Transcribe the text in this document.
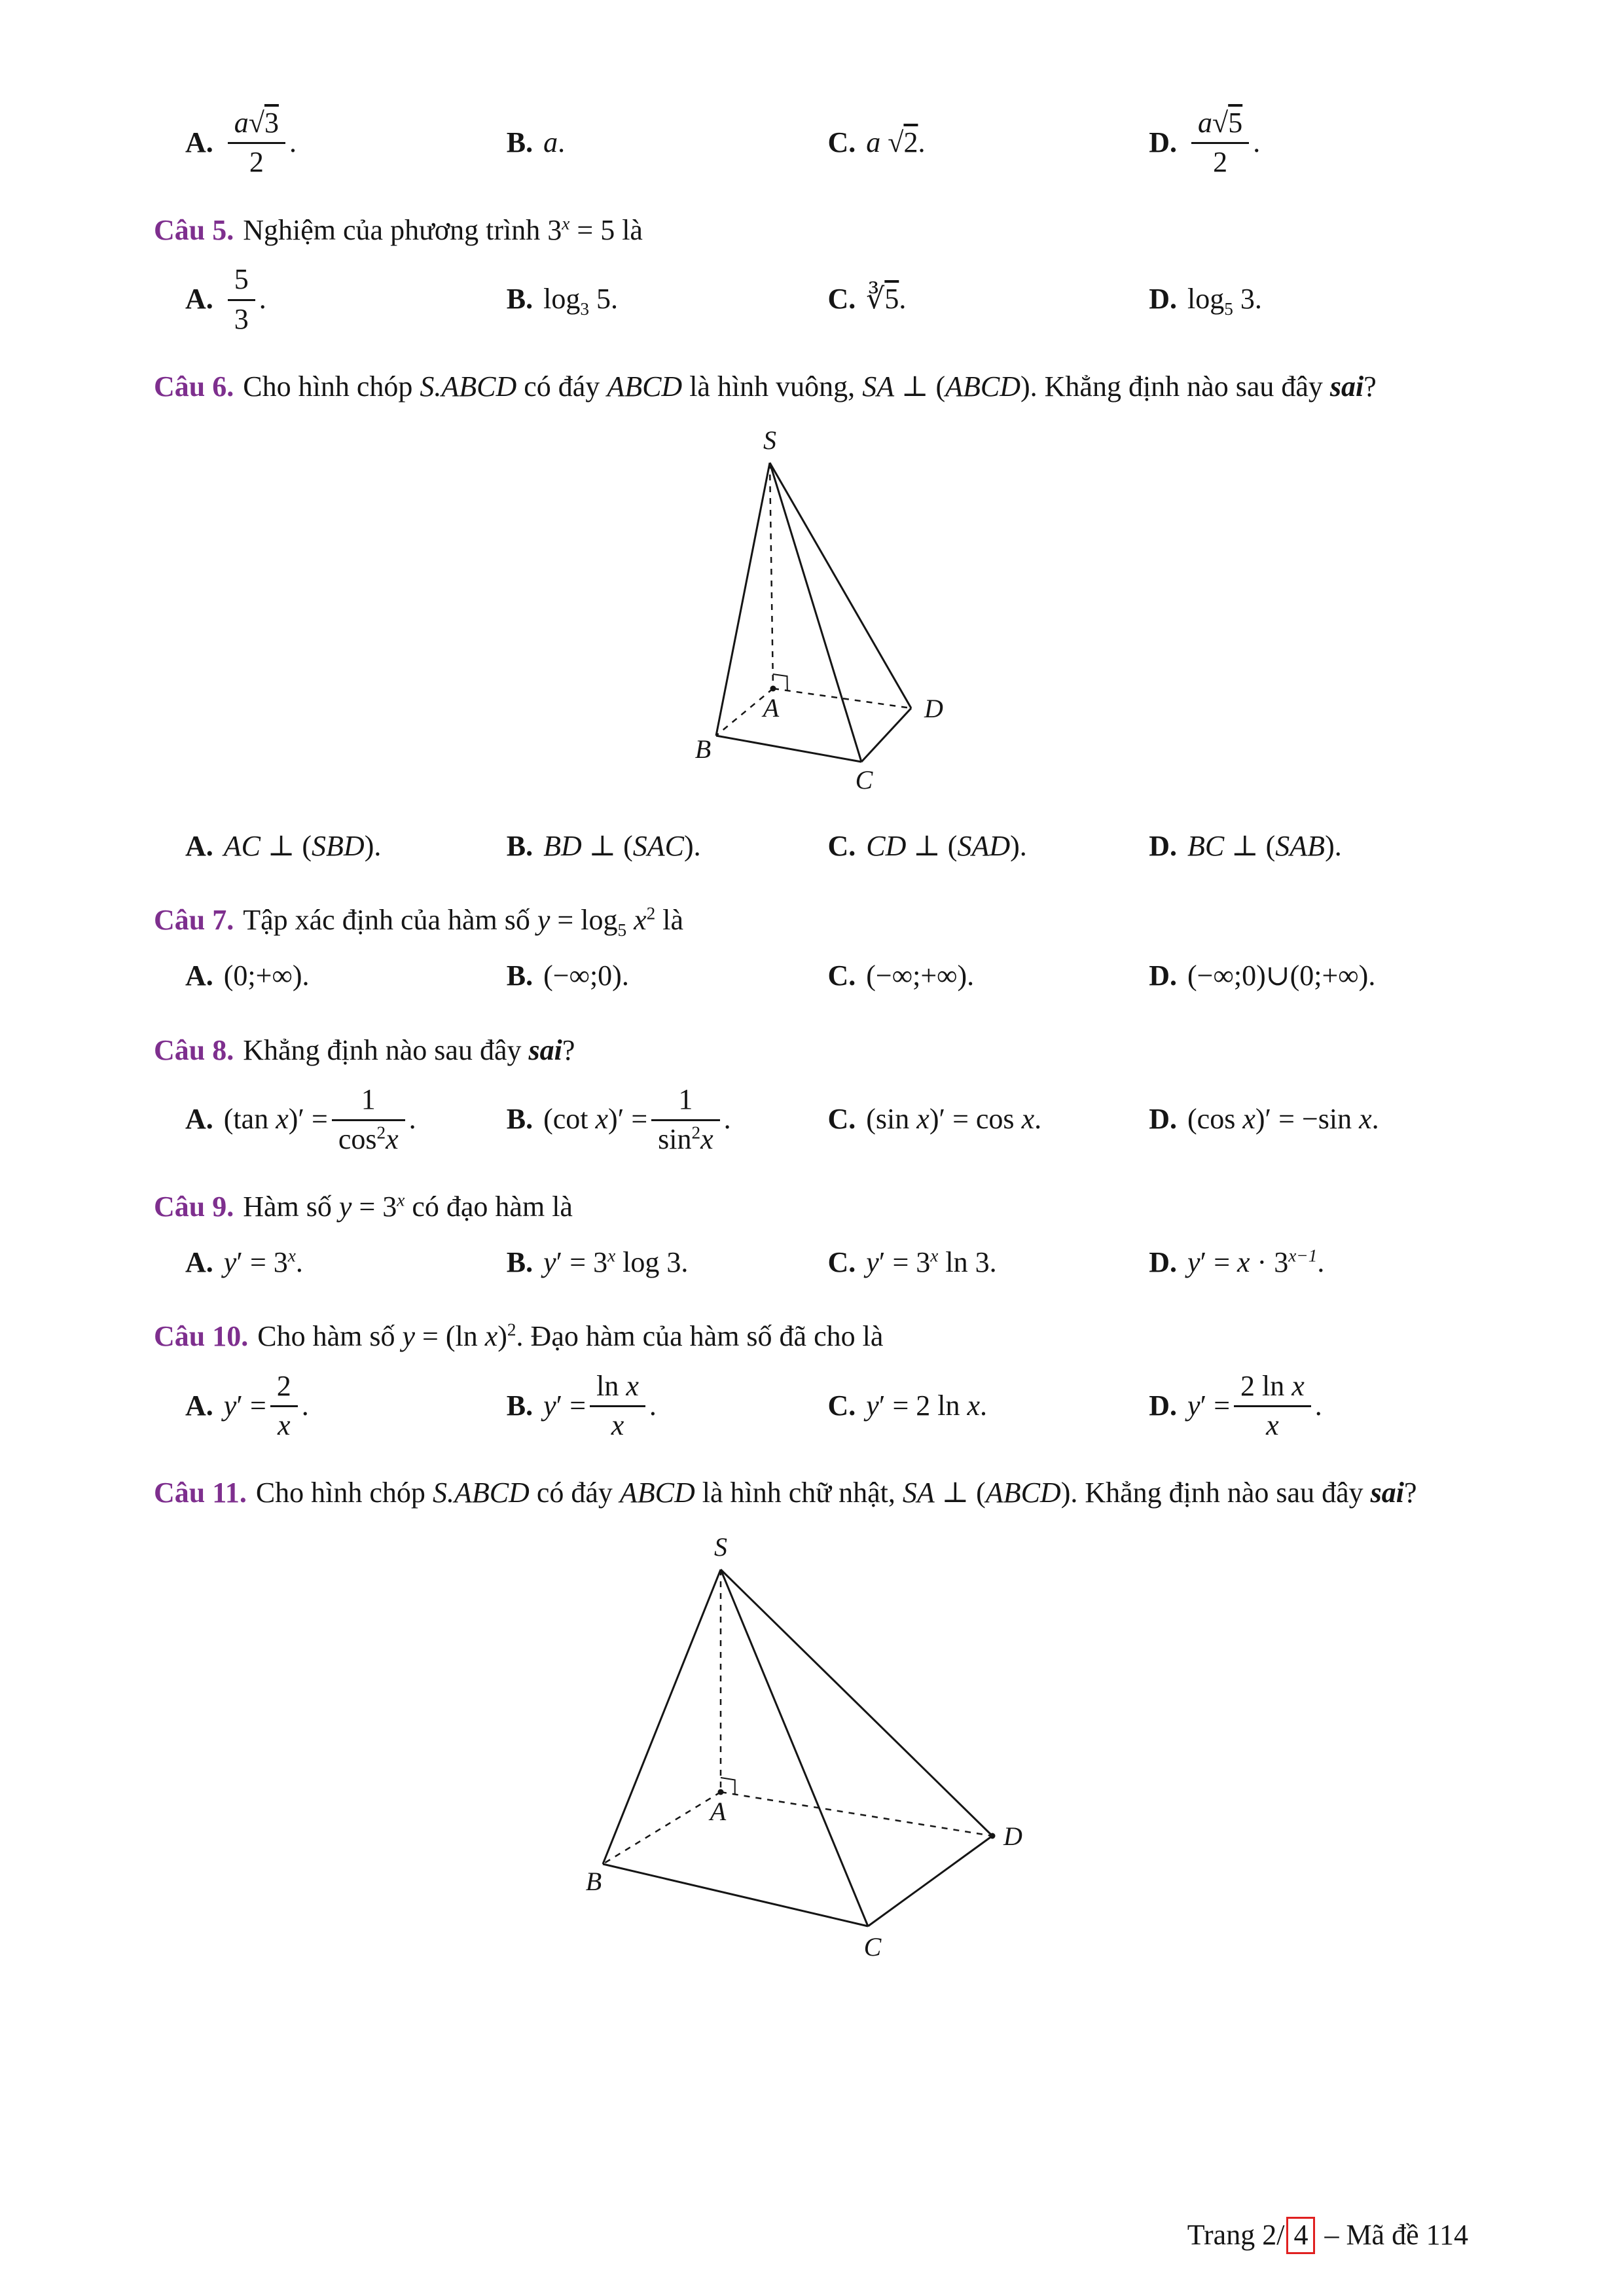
A. $\frac{a√3}{2}$ .	B. a.	C. a √2.	D. $\frac{a√5}{2}$ .

Câu 5. Nghiệm của phương trình $3^x = 5$ là

A. $\frac{5}{3}$ .	B. $\log_3 5$.	C. ∛5.	D. $\log_5 3$.

Câu 6. Cho hình chóp S.ABCD có đáy ABCD là hình vuông, SA ⊥ (ABCD). Khẳng định nào sau đây sai?

S
A
B
C
D
A. AC ⊥ (SBD).	B. BD ⊥ (SAC).	C. CD ⊥ (SAD).	D. BC ⊥ (SAB).

Câu 7. Tập xác định của hàm số $y = \log_5 x^2$ là

A. (0;+∞).	B. (−∞;0).	C. (−∞;+∞).	D. (−∞;0)∪(0;+∞).

Câu 8. Khẳng định nào sau đây sai?

A. (tan $x)' = \frac{1}{\cos^2x}$ .	B. (cot $x)' = \frac{1}{\sin^2x}$ .	C. (sin x)′ = cos x.	D. (cos x)′ = −sin x.

Câu 9. Hàm số $y = 3^x$ có đạo hàm là

A. $y' = 3^x$.	B. $y' = 3^x$ log 3.	C. $y' = 3^x$ ln 3.	D. $y' = x \cdot 3^{x-1}$.

Câu 10. Cho hàm số y = (ln x)$^2$. Đạo hàm của hàm số đã cho là

A. $y' = \frac{2}{x}$ .	B. $y' = \frac{\text{ln x}}{x}$ .	C. y′ = 2 ln x.	D. $y' = \frac{\text{2 ln x}}{x}$ .

Câu 11. Cho hình chóp S.ABCD có đáy ABCD là hình chữ nhật, SA ⊥ (ABCD). Khẳng định nào sau đây sai?

S
A
B
C
D
Trang 2/ 4 – Mã đề 114
